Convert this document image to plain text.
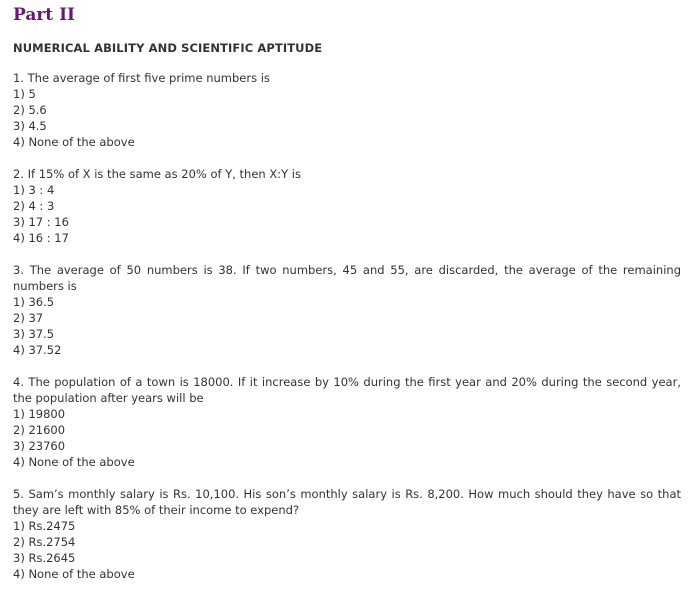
Part II
NUMERICAL ABILITY AND SCIENTIFIC APTITUDE

1. The average of first five prime numbers is

1) 5

2) 5.6

3) 4.5

4) None of the above

2. If 15% of X is the same as 20% of Y, then X:Y is

1) 3 : 4

2) 4 : 3

3) 17 : 16

4) 16 : 17

3. The average of 50 numbers is 38. If two numbers, 45 and 55, are discarded, the average of the remaining numbers is

1) 36.5

2) 37

3) 37.5

4) 37.52

4. The population of a town is 18000. If it increase by 10% during the first year and 20% during the second year, the population after years will be

1) 19800

2) 21600

3) 23760

4) None of the above

5. Sam’s monthly salary is Rs. 10,100. His son’s monthly salary is Rs. 8,200. How much should they have so that they are left with 85% of their income to expend?

1) Rs.2475

2) Rs.2754

3) Rs.2645

4) None of the above
